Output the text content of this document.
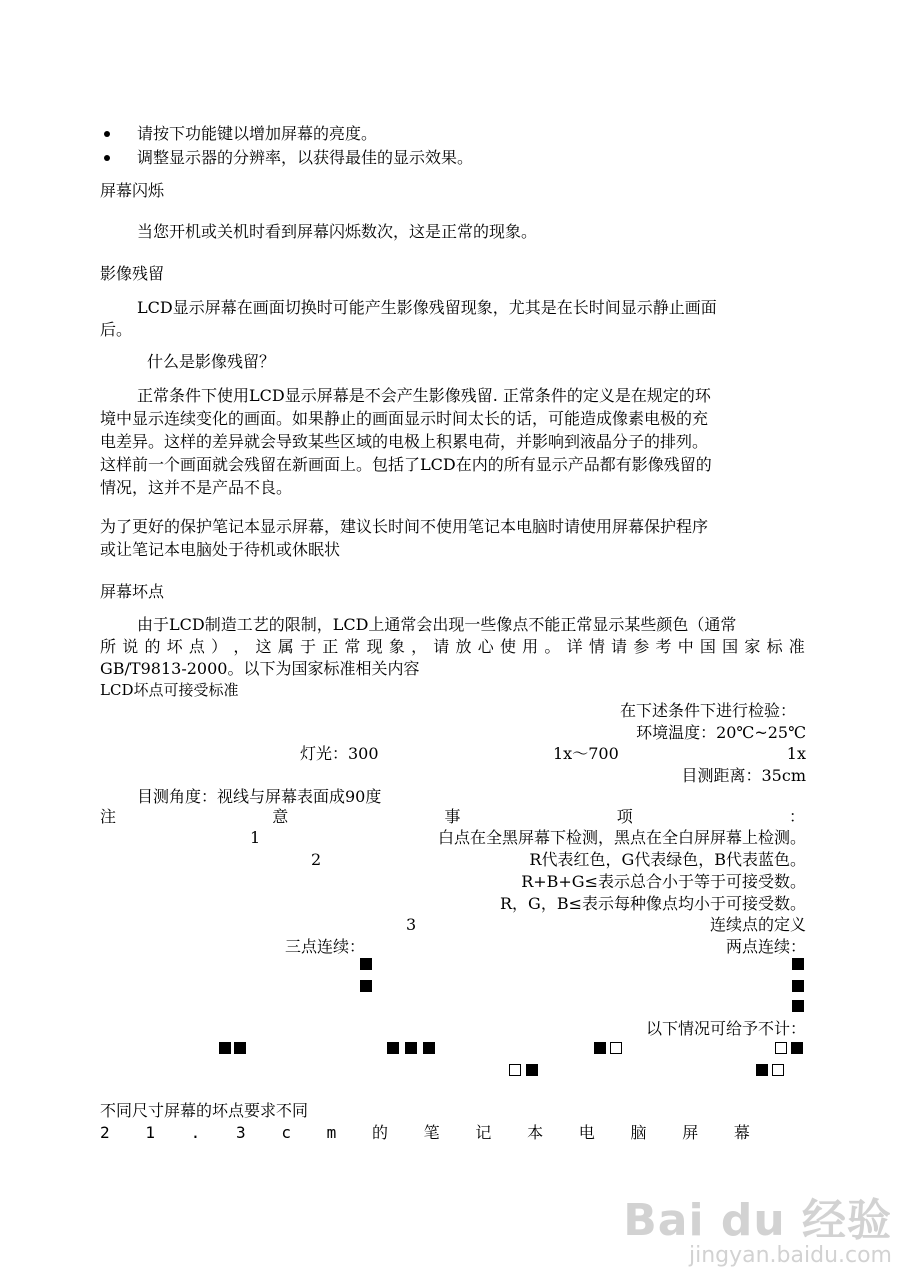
请按下功能键以增加屏幕的亮度。
调整显示器的分辨率，以获得最佳的显示效果。
屏幕闪烁
当您开机或关机时看到屏幕闪烁数次，这是正常的现象。
影像残留
LCD显示屏幕在画面切换时可能产生影像残留现象，尤其是在长时间显示静止画面
后。
什么是影像残留？
正常条件下使用LCD显示屏幕是不会产生影像残留. 正常条件的定义是在规定的环
境中显示连续变化的画面。如果静止的画面显示时间太长的话，可能造成像素电极的充
电差异。这样的差异就会导致某些区域的电极上积累电荷，并影响到液晶分子的排列。
这样前一个画面就会残留在新画面上。包括了LCD在内的所有显示产品都有影像残留的
情况，这并不是产品不良。
为了更好的保护笔记本显示屏幕，建议长时间不使用笔记本电脑时请使用屏幕保护程序
或让笔记本电脑处于待机或休眠状
屏幕坏点
由于LCD制造工艺的限制，LCD上通常会出现一些像点不能正常显示某些颜色（通常
所 说 的 坏 点 ） ， 这 属 于 正 常 现 象 ， 请 放 心 使 用 。 详 情 请 参 考 中 国 国 家 标 准
GB/T9813-2000。以下为国家标准相关内容
LCD坏点可接受标准
在下述条件下进行检验：
环境温度：20℃~25℃
灯光：300	1x～700	1x
目测距离：35cm
目测角度：视线与屏幕表面成90度
注	意	事	项	：
1	白点在全黑屏幕下检测，黑点在全白屏屏幕上检测。
2	R代表红色，G代表绿色，B代表蓝色。
R+B+G≤表示总合小于等于可接受数。
R，G，B≤表示每种像点均小于可接受数。
3	连续点的定义
三点连续：	两点连续：
以下情况可给予不计：
不同尺寸屏幕的坏点要求不同
2 1 . 3 c m 的 笔 记 本 电 脑 屏 幕
Bai du 经验
jingyan.baidu.com
